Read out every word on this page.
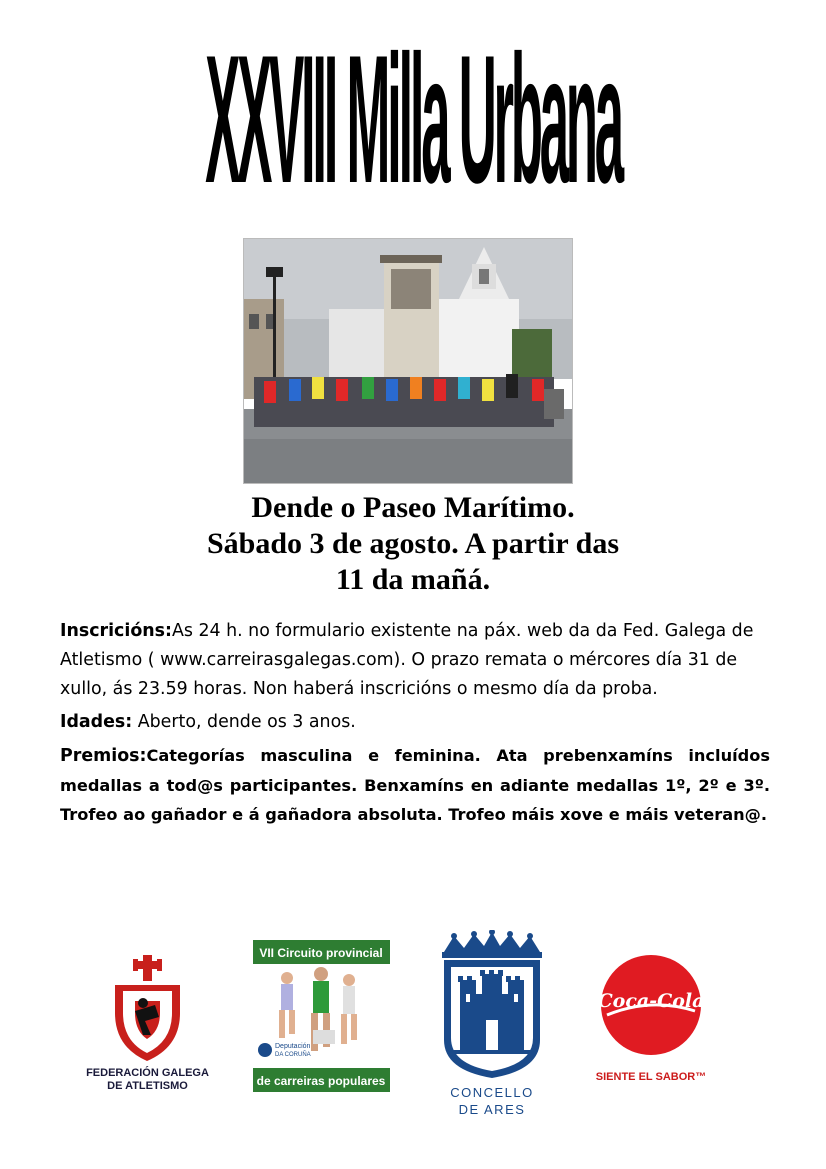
XXVIII Milla Urbana
Dende o Paseo Marítimo.
Sábado 3 de agosto. A partir das
11 da mañá.

Inscricións:As 24 h. no formulario existente na páx. web da da Fed. Galega de Atletismo ( www.carreirasgalegas.com). O prazo remata o mércores día 31 de xullo, ás 23.59 horas. Non haberá inscricións o mesmo día da proba.

Idades: Aberto, dende os 3 anos.

Premios:Categorías masculina e feminina. Ata prebenxamíns incluídos medallas a tod@s participantes. Benxamíns en adiante medallas 1º, 2º e 3º. Trofeo ao gañador e á gañadora absoluta. Trofeo máis xove e máis veteran@.

FGA
FEDERACIÓN GALEGA
DE ATLETISMO
VII Circuito provincial
Deputación
DA CORUÑA
de carreiras populares
CONCELLO
DE ARES
Coca-Cola
SIENTE EL SABOR™
